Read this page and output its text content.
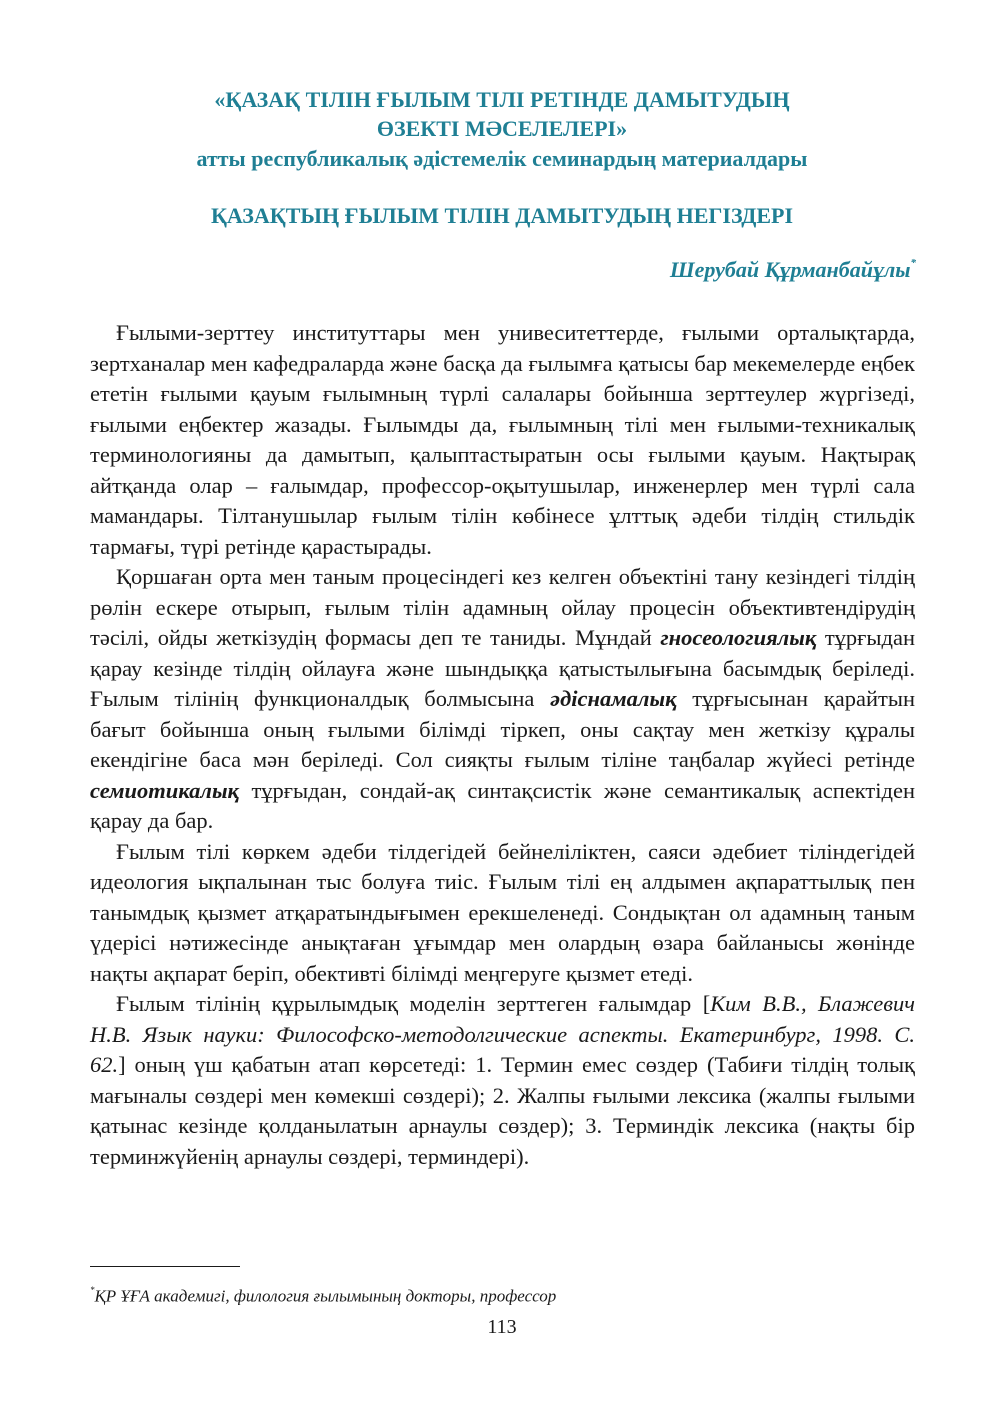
«ҚАЗАҚ ТІЛІН ҒЫЛЫМ ТІЛІ РЕТІНДЕ ДАМЫТУДЫҢ
ӨЗЕКТІ МӘСЕЛЕЛЕРІ»
атты республикалық әдістемелік семинардың материалдары
ҚАЗАҚТЫҢ ҒЫЛЫМ ТІЛІН ДАМЫТУДЫҢ НЕГІЗДЕРІ
Шерубай Құрманбайұлы*

Ғылыми-зерттеу институттары мен унивеситеттерде, ғылыми орталықтарда, зертханалар мен кафедраларда және басқа да ғылымға қатысы бар мекемелерде еңбек ететін ғылыми қауым ғылымның түрлі салалары бойынша зерттеулер жүргізеді, ғылыми еңбектер жазады. Ғылымды да, ғылымның тілі мен ғылыми-техникалық терминологияны да дамытып, қалыптастыратын осы ғылыми қауым. Нақтырақ айтқанда олар – ғалымдар, профессор-оқытушылар, инженерлер мен түрлі сала мамандары. Тілтанушылар ғылым тілін көбінесе ұлттық әдеби тілдің стильдік тармағы, түрі ретінде қарастырады.

Қоршаған орта мен таным процесіндегі кез келген объектіні тану кезіндегі тілдің рөлін ескере отырып, ғылым тілін адамның ойлау процесін объективтендірудің тәсілі, ойды жеткізудің формасы деп те таниды. Мұндай гносеологиялық тұрғыдан қарау кезінде тілдің ойлауға және шындыққа қатыстылығына басымдық беріледі. Ғылым тілінің функционалдық болмысына әдіснамалық тұрғысынан қарайтын бағыт бойынша оның ғылыми білімді тіркеп, оны сақтау мен жеткізу құралы екендігіне баса мән беріледі. Сол сияқты ғылым тіліне таңбалар жүйесі ретінде семиотикалық тұрғыдан, сондай-ақ синтақсистік және семантикалық аспектіден қарау да бар.

Ғылым тілі көркем әдеби тілдегідей бейнеліліктен, саяси әдебиет тіліндегідей идеология ықпалынан тыс болуға тиіс. Ғылым тілі ең алдымен ақпараттылық пен танымдық қызмет атқаратындығымен ерекшеленеді. Сондықтан ол адамның таным үдерісі нәтижесінде анықтаған ұғымдар мен олардың өзара байланысы жөнінде нақты ақпарат беріп, обективті білімді меңгеруге қызмет етеді.

Ғылым тілінің құрылымдық моделін зерттеген ғалымдар [Ким В.В., Блажевич Н.В. Язык науки: Философско-методолгические аспекты. Екатеринбург, 1998. С. 62.] оның үш қабатын атап көрсетеді: 1. Термин емес сөздер (Табиғи тілдің толық мағыналы сөздері мен көмекші сөздері); 2. Жалпы ғылыми лексика (жалпы ғылыми қатынас кезінде қолданылатын арнаулы сөздер); 3. Терминдік лексика (нақты бір терминжүйенің арнаулы сөздері, терминдері).

*ҚР ҰҒА академигі, филология ғылымының докторы, профессор
113
